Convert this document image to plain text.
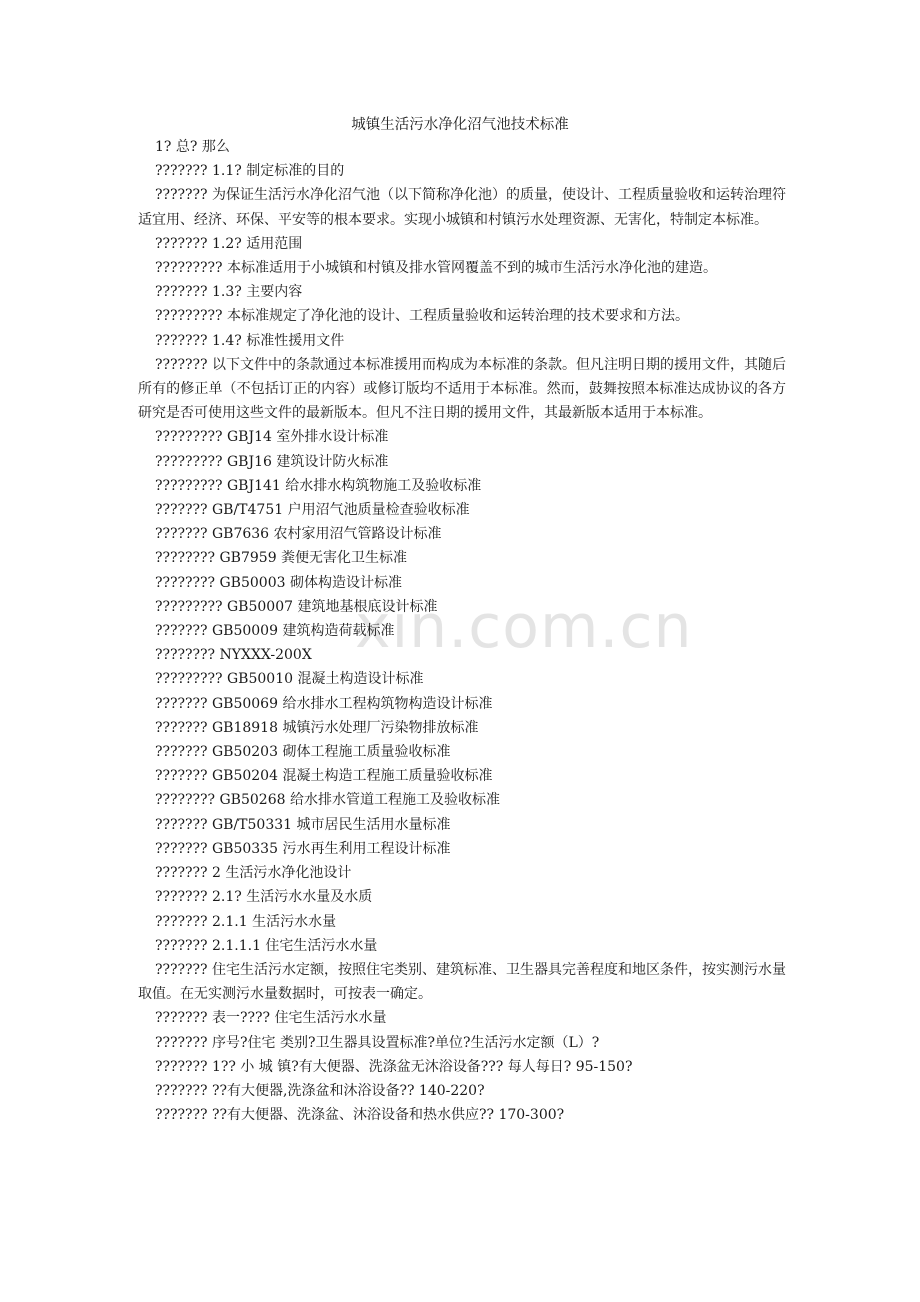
xin.com.cn
城镇生活污水净化沼气池技术标准

1? 总? 那么

??????? 1.1? 制定标准的目的

??????? 为保证生活污水净化沼气池（以下简称净化池）的质量，使设计、工程质量验收和运转治理符适宜用、经济、环保、平安等的根本要求。实现小城镇和村镇污水处理资源、无害化，特制定本标准。

??????? 1.2? 适用范围

????????? 本标准适用于小城镇和村镇及排水管网覆盖不到的城市生活污水净化池的建造。

??????? 1.3? 主要内容

????????? 本标准规定了净化池的设计、工程质量验收和运转治理的技术要求和方法。

??????? 1.4? 标准性援用文件

??????? 以下文件中的条款通过本标准援用而构成为本标准的条款。但凡注明日期的援用文件，其随后所有的修正单（不包括订正的内容）或修订版均不适用于本标准。然而，鼓舞按照本标准达成协议的各方研究是否可使用这些文件的最新版本。但凡不注日期的援用文件，其最新版本适用于本标准。

????????? GBJ14 室外排水设计标准

????????? GBJ16 建筑设计防火标准

????????? GBJ141 给水排水构筑物施工及验收标准

??????? GB/T4751 户用沼气池质量检查验收标准

??????? GB7636 农村家用沼气管路设计标准

???????? GB7959 粪便无害化卫生标准

???????? GB50003 砌体构造设计标准

????????? GB50007 建筑地基根底设计标准

??????? GB50009 建筑构造荷载标准

???????? NYXXX-200X

????????? GB50010 混凝土构造设计标准

??????? GB50069 给水排水工程构筑物构造设计标准

??????? GB18918 城镇污水处理厂污染物排放标准

??????? GB50203 砌体工程施工质量验收标准

??????? GB50204 混凝土构造工程施工质量验收标准

???????? GB50268 给水排水管道工程施工及验收标准

??????? GB/T50331 城市居民生活用水量标准

??????? GB50335 污水再生利用工程设计标准

??????? 2 生活污水净化池设计

??????? 2.1? 生活污水水量及水质

??????? 2.1.1 生活污水水量

??????? 2.1.1.1 住宅生活污水水量

??????? 住宅生活污水定额，按照住宅类别、建筑标准、卫生器具完善程度和地区条件，按实测污水量取值。在无实测污水量数据时，可按表一确定。

??????? 表一???? 住宅生活污水水量

??????? 序号?住宅 类别?卫生器具设置标准?单位?生活污水定额（L）?

??????? 1?? 小 城 镇?有大便器、洗涤盆无沐浴设备??? 每人每日? 95-150?

??????? ??有大便器,洗涤盆和沐浴设备?? 140-220?

??????? ??有大便器、洗涤盆、沐浴设备和热水供应?? 170-300?
